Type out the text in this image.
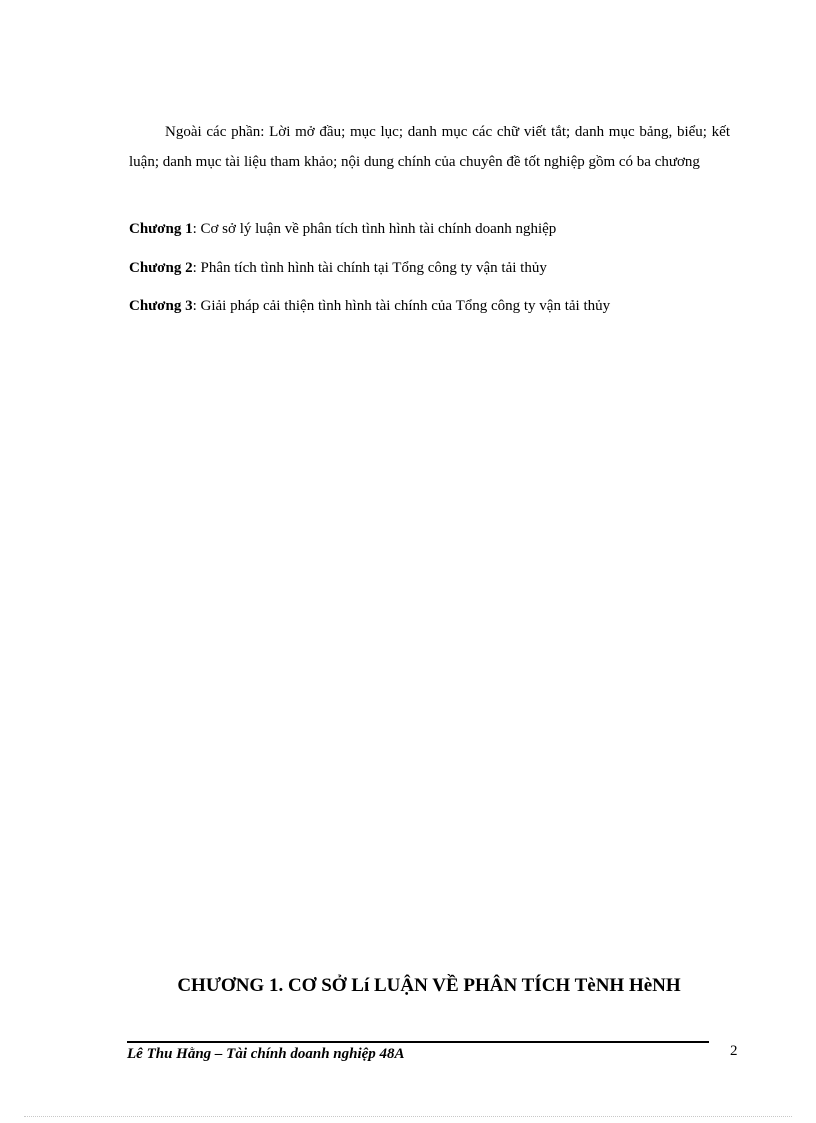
Ngoài các phần: Lời mở đầu; mục lục; danh mục các chữ viết tắt; danh mục bảng, biểu; kết luận; danh mục tài liệu tham khảo; nội dung chính của chuyên đề tốt nghiệp gồm có ba chương

Chương 1: Cơ sở lý luận về phân tích tình hình tài chính doanh nghiệp
Chương 2: Phân tích tình hình tài chính tại Tổng công ty vận tải thủy
Chương 3: Giải pháp cải thiện tình hình tài chính của Tổng công ty vận tải thủy
CHƯƠNG 1. CƠ SỞ Lí LUẬN VỀ PHÂN TÍCH TèNH HèNH
Lê Thu Hằng – Tài chính doanh nghiệp 48A	2
